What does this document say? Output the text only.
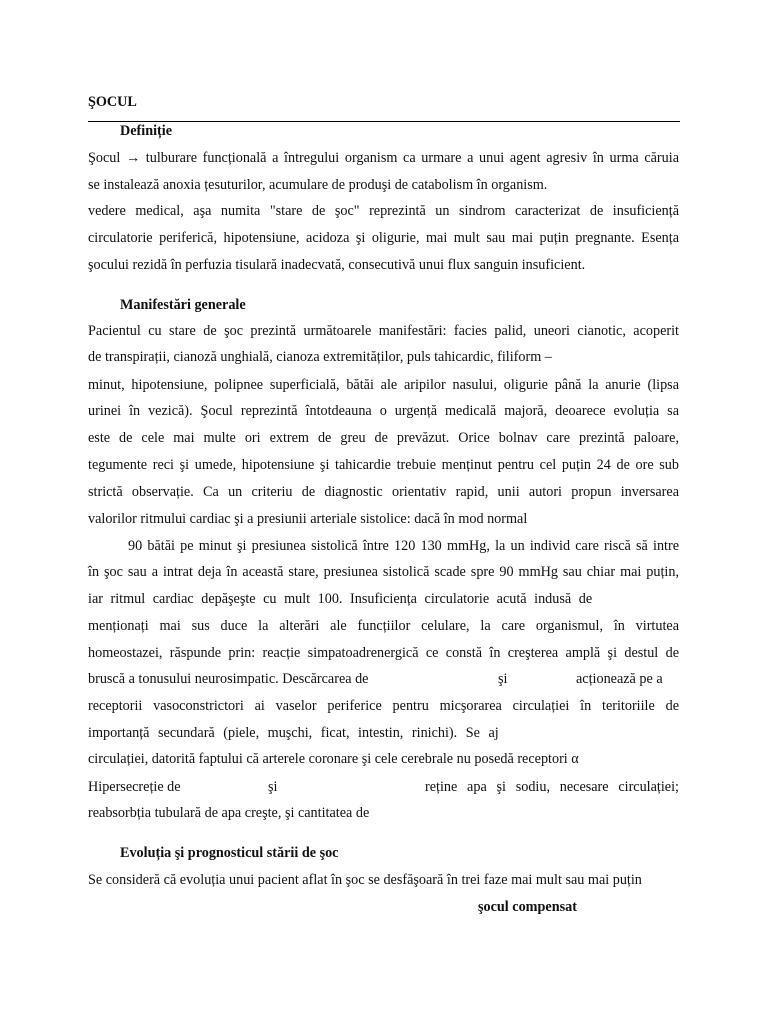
ŞOCUL
Definiție
Şocul → tulburare funcțională a întregului organism ca urmare a unui agent agresiv în urma căruia
se instalează anoxia țesuturilor, acumulare de produşi de catabolism în organism.
vedere medical, aşa numita "stare de şoc" reprezintă un sindrom caracterizat de insuficiență
circulatorie periferică, hipotensiune, acidoza şi oligurie, mai mult sau mai puțin pregnante. Esența
şocului rezidă în perfuzia tisulară inadecvată, consecutivă unui flux sanguin insuficient.
Manifestări generale
Pacientul cu stare de şoc prezintă următoarele manifestări: facies palid, uneori cianotic, acoperit
de transpirații, cianoză unghială, cianoza extremităților, puls tahicardic, filiform –
minut, hipotensiune, polipnee superficială, bătăi ale aripilor nasului, oligurie până la anurie (lipsa
urinei în vezică). Şocul reprezintă întotdeauna o urgență medicală majoră, deoarece evoluția sa
este de cele mai multe ori extrem de greu de prevăzut. Orice bolnav care prezintă paloare,
tegumente reci şi umede, hipotensiune şi tahicardie trebuie menținut pentru cel puțin 24 de ore sub
strictă observație. Ca un criteriu de diagnostic orientativ rapid, unii autori propun inversarea
valorilor ritmului cardiac şi a presiunii arteriale sistolice: dacă în mod normal
90 bătăi pe minut şi presiunea sistolică între 120 130 mmHg, la un individ care riscă să intre
în şoc sau a intrat deja în această stare, presiunea sistolică scade spre 90 mmHg sau chiar mai puțin,
iar ritmul cardiac depăşeşte cu mult 100. Insuficiența circulatorie acută indusă de
menționați mai sus duce la alterări ale funcțiilor celulare, la care organismul, în virtutea
homeostazei, răspunde prin: reacție simpatoadrenergică ce constă în creşterea amplă şi destul de
bruscă a tonusului neurosimpatic. Descărcarea de	şi	acționează pe a
receptorii vasoconstrictori ai vaselor periferice pentru micşorarea circulației în teritoriile de
importanță secundară (piele, muşchi, ficat, intestin, rinichi). Se aj
circulației, datorită faptului că arterele coronare şi cele cerebrale nu posedă receptori α
Hipersecreție de	şi	reține apa şi sodiu, necesare circulației;
reabsorbția tubulară de apa creşte, şi cantitatea de
Evoluția şi prognosticul stării de şoc
Se consideră că evoluția unui pacient aflat în şoc se desfăşoară în trei faze mai mult sau mai puțin
şocul compensat
